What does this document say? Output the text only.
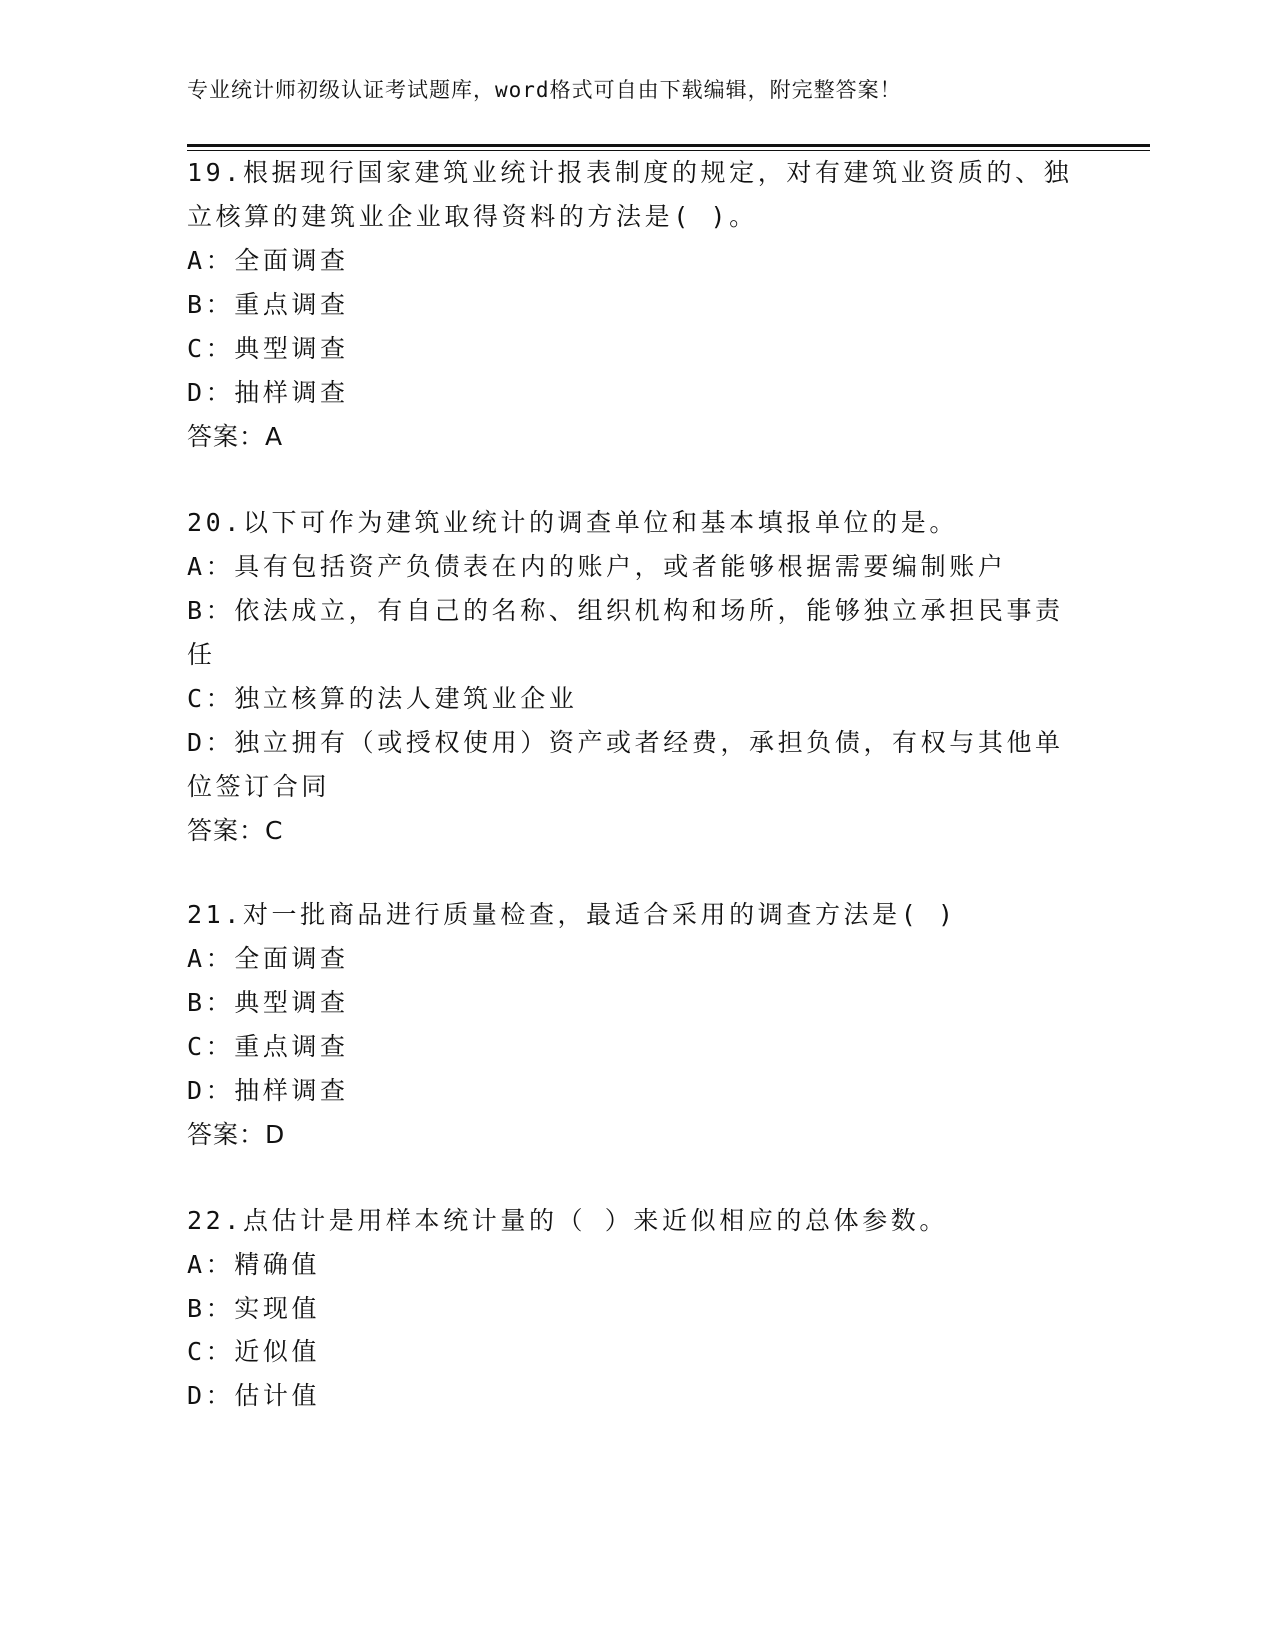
专业统计师初级认证考试题库，word格式可自由下载编辑，附完整答案！
19.根据现行国家建筑业统计报表制度的规定，对有建筑业资质的、独
立核算的建筑业企业取得资料的方法是( )。
A：全面调查
B：重点调查
C：典型调查
D：抽样调查
答案：A
20.以下可作为建筑业统计的调查单位和基本填报单位的是。
A：具有包括资产负债表在内的账户，或者能够根据需要编制账户
B：依法成立，有自己的名称、组织机构和场所，能够独立承担民事责
任
C：独立核算的法人建筑业企业
D：独立拥有（或授权使用）资产或者经费，承担负债，有权与其他单
位签订合同
答案：C
21.对一批商品进行质量检查，最适合采用的调查方法是( )
A：全面调查
B：典型调查
C：重点调查
D：抽样调查
答案：D
22.点估计是用样本统计量的（ ）来近似相应的总体参数。
A：精确值
B：实现值
C：近似值
D：估计值
